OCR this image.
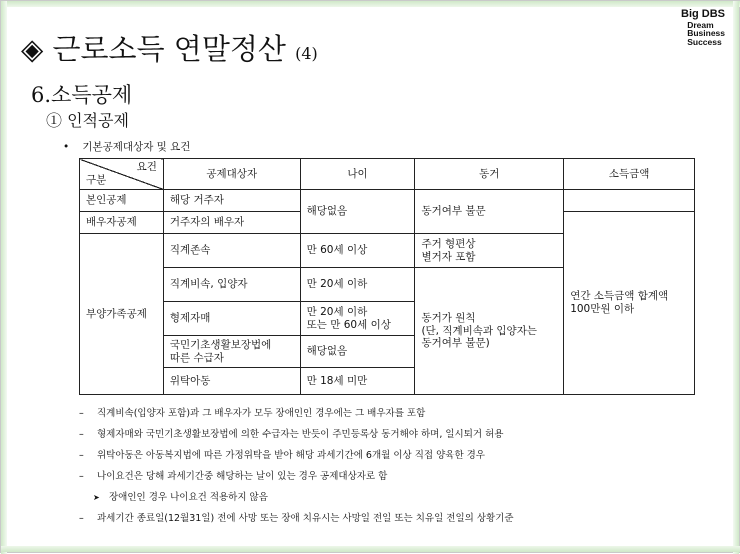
Big DBS
Dream
Business
Success
◈ 근로소득 연말정산 (4)
6.소득공제
① 인적공제
• 기본공제대상자 및 요건
요건
구분	공제대상자	나이	동거	소득금액
본인공제	해당 거주자	해당없음	동거여부 불문	
배우자공제	거주자의 배우자			연간 소득금액 합계액
100만원 이하

부양가족공제	직계존속	만 60세 이상	주거 형편상
별거자 포함	

	직계비속, 입양자	만 20세 이하	동거가 원칙
(단, 직계비속과 입양자는
동거여부 불문)	

	형제자매	만 20세 이하
또는 만 60세 이상		

	국민기초생활보장법에
따른 수급자	해당없음		
	위탁아동	만 18세 미만		
– 직계비속(입양자 포함)과 그 배우자가 모두 장애인인 경우에는 그 배우자를 포함
– 형제자매와 국민기초생활보장법에 의한 수급자는 반듯이 주민등록상 동거해야 하며, 일시퇴거 허용
– 위탁아동은 아동복지법에 따른 가정위탁을 받아 해당 과세기간에 6개월 이상 직접 양육한 경우
– 나이요건은 당해 과세기간중 해당하는 날이 있는 경우 공제대상자로 함
➤ 장애인인 경우 나이요건 적용하지 않음
– 과세기간 종료일(12월31일) 전에 사망 또는 장애 치유시는 사망일 전일 또는 치유일 전일의 상황기준
